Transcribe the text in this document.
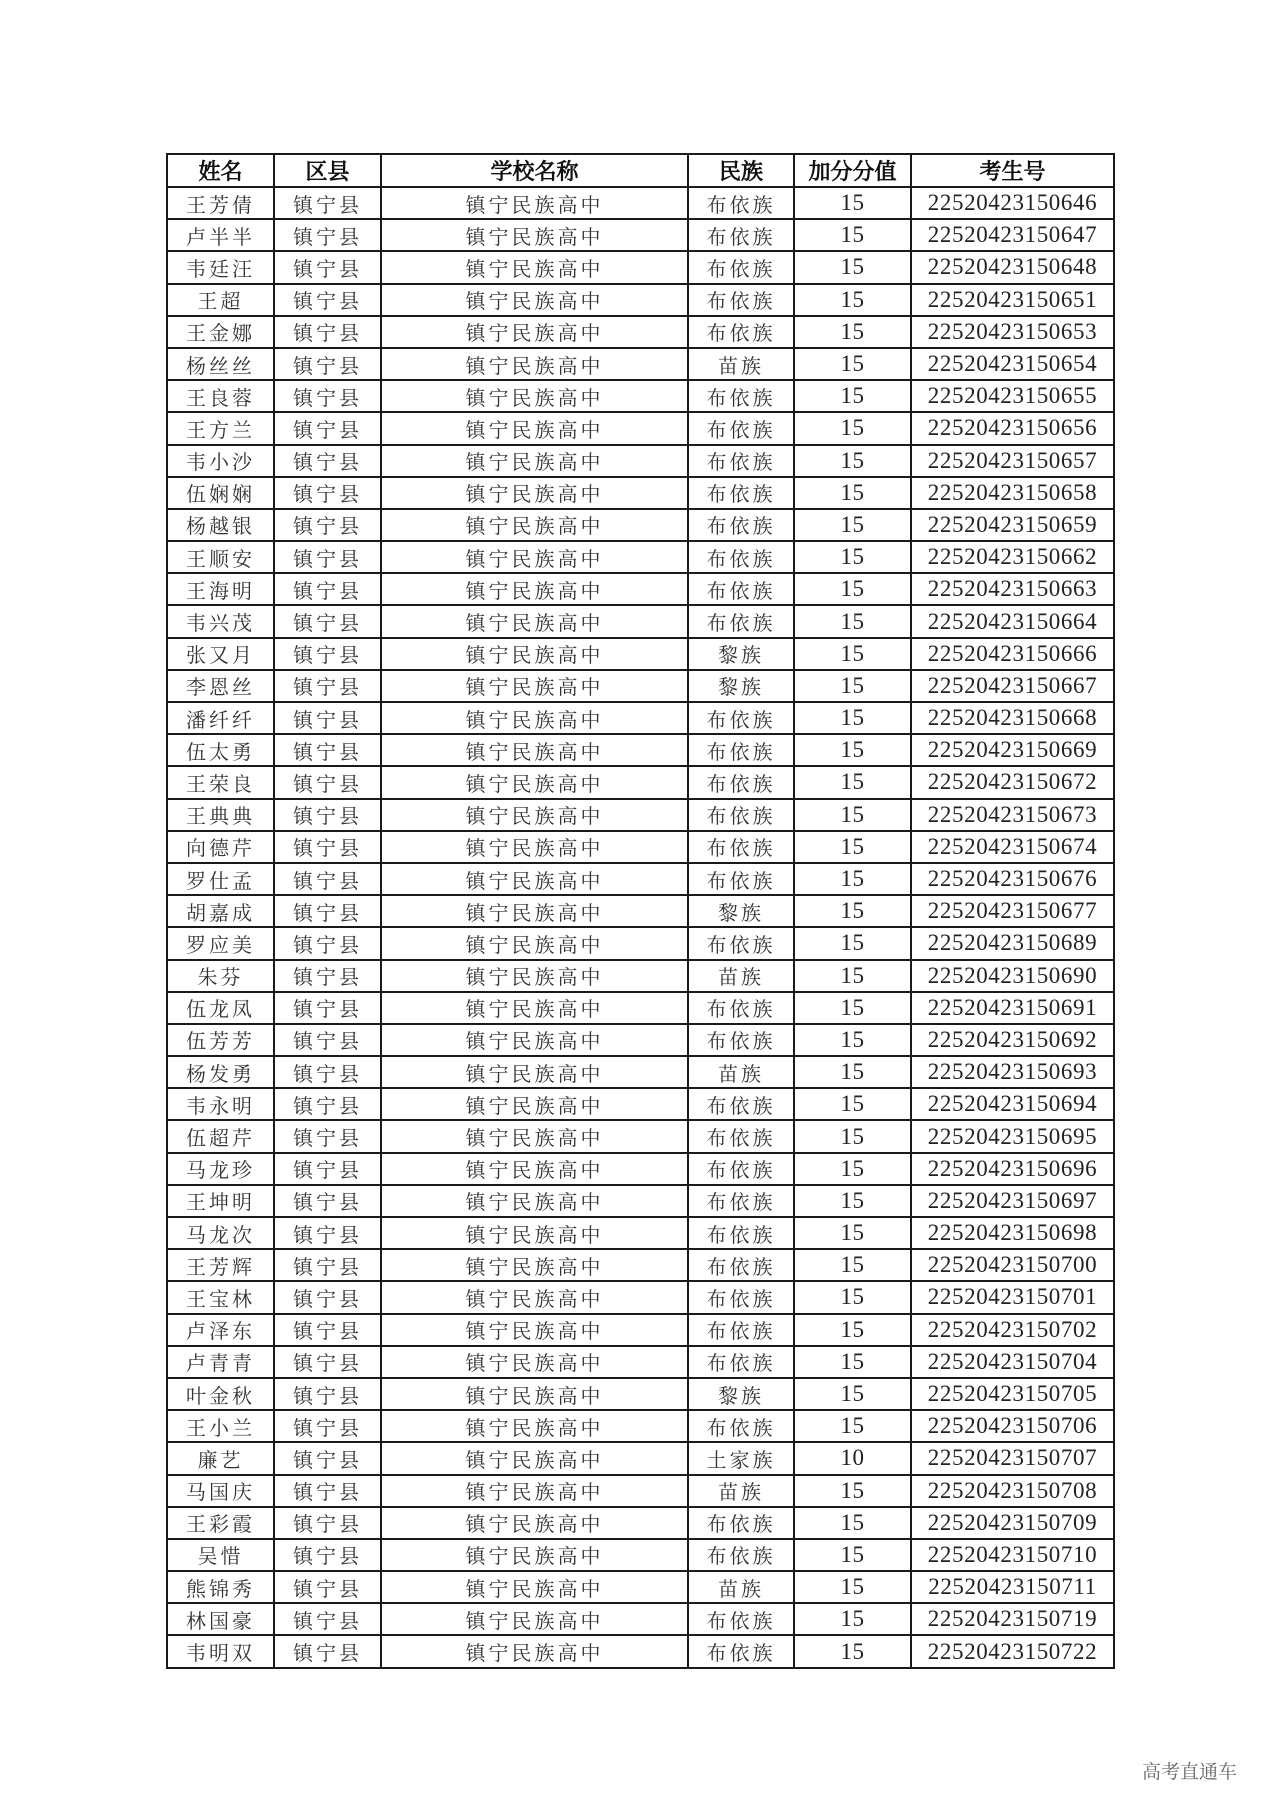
姓名	区县	学校名称	民族	加分分值	考生号
王芳倩	镇宁县	镇宁民族高中	布依族	15	22520423150646
卢半半	镇宁县	镇宁民族高中	布依族	15	22520423150647
韦廷汪	镇宁县	镇宁民族高中	布依族	15	22520423150648
王超	镇宁县	镇宁民族高中	布依族	15	22520423150651
王金娜	镇宁县	镇宁民族高中	布依族	15	22520423150653
杨丝丝	镇宁县	镇宁民族高中	苗族	15	22520423150654
王良蓉	镇宁县	镇宁民族高中	布依族	15	22520423150655
王方兰	镇宁县	镇宁民族高中	布依族	15	22520423150656
韦小沙	镇宁县	镇宁民族高中	布依族	15	22520423150657
伍娴娴	镇宁县	镇宁民族高中	布依族	15	22520423150658
杨越银	镇宁县	镇宁民族高中	布依族	15	22520423150659
王顺安	镇宁县	镇宁民族高中	布依族	15	22520423150662
王海明	镇宁县	镇宁民族高中	布依族	15	22520423150663
韦兴茂	镇宁县	镇宁民族高中	布依族	15	22520423150664
张又月	镇宁县	镇宁民族高中	黎族	15	22520423150666
李恩丝	镇宁县	镇宁民族高中	黎族	15	22520423150667
潘纤纤	镇宁县	镇宁民族高中	布依族	15	22520423150668
伍太勇	镇宁县	镇宁民族高中	布依族	15	22520423150669
王荣良	镇宁县	镇宁民族高中	布依族	15	22520423150672
王典典	镇宁县	镇宁民族高中	布依族	15	22520423150673
向德芹	镇宁县	镇宁民族高中	布依族	15	22520423150674
罗仕孟	镇宁县	镇宁民族高中	布依族	15	22520423150676
胡嘉成	镇宁县	镇宁民族高中	黎族	15	22520423150677
罗应美	镇宁县	镇宁民族高中	布依族	15	22520423150689
朱芬	镇宁县	镇宁民族高中	苗族	15	22520423150690
伍龙凤	镇宁县	镇宁民族高中	布依族	15	22520423150691
伍芳芳	镇宁县	镇宁民族高中	布依族	15	22520423150692
杨发勇	镇宁县	镇宁民族高中	苗族	15	22520423150693
韦永明	镇宁县	镇宁民族高中	布依族	15	22520423150694
伍超芹	镇宁县	镇宁民族高中	布依族	15	22520423150695
马龙珍	镇宁县	镇宁民族高中	布依族	15	22520423150696
王坤明	镇宁县	镇宁民族高中	布依族	15	22520423150697
马龙次	镇宁县	镇宁民族高中	布依族	15	22520423150698
王芳辉	镇宁县	镇宁民族高中	布依族	15	22520423150700
王宝林	镇宁县	镇宁民族高中	布依族	15	22520423150701
卢泽东	镇宁县	镇宁民族高中	布依族	15	22520423150702
卢青青	镇宁县	镇宁民族高中	布依族	15	22520423150704
叶金秋	镇宁县	镇宁民族高中	黎族	15	22520423150705
王小兰	镇宁县	镇宁民族高中	布依族	15	22520423150706
廉艺	镇宁县	镇宁民族高中	土家族	10	22520423150707
马国庆	镇宁县	镇宁民族高中	苗族	15	22520423150708
王彩霞	镇宁县	镇宁民族高中	布依族	15	22520423150709
吴惜	镇宁县	镇宁民族高中	布依族	15	22520423150710
熊锦秀	镇宁县	镇宁民族高中	苗族	15	22520423150711
林国豪	镇宁县	镇宁民族高中	布依族	15	22520423150719
韦明双	镇宁县	镇宁民族高中	布依族	15	22520423150722
高考直通车
